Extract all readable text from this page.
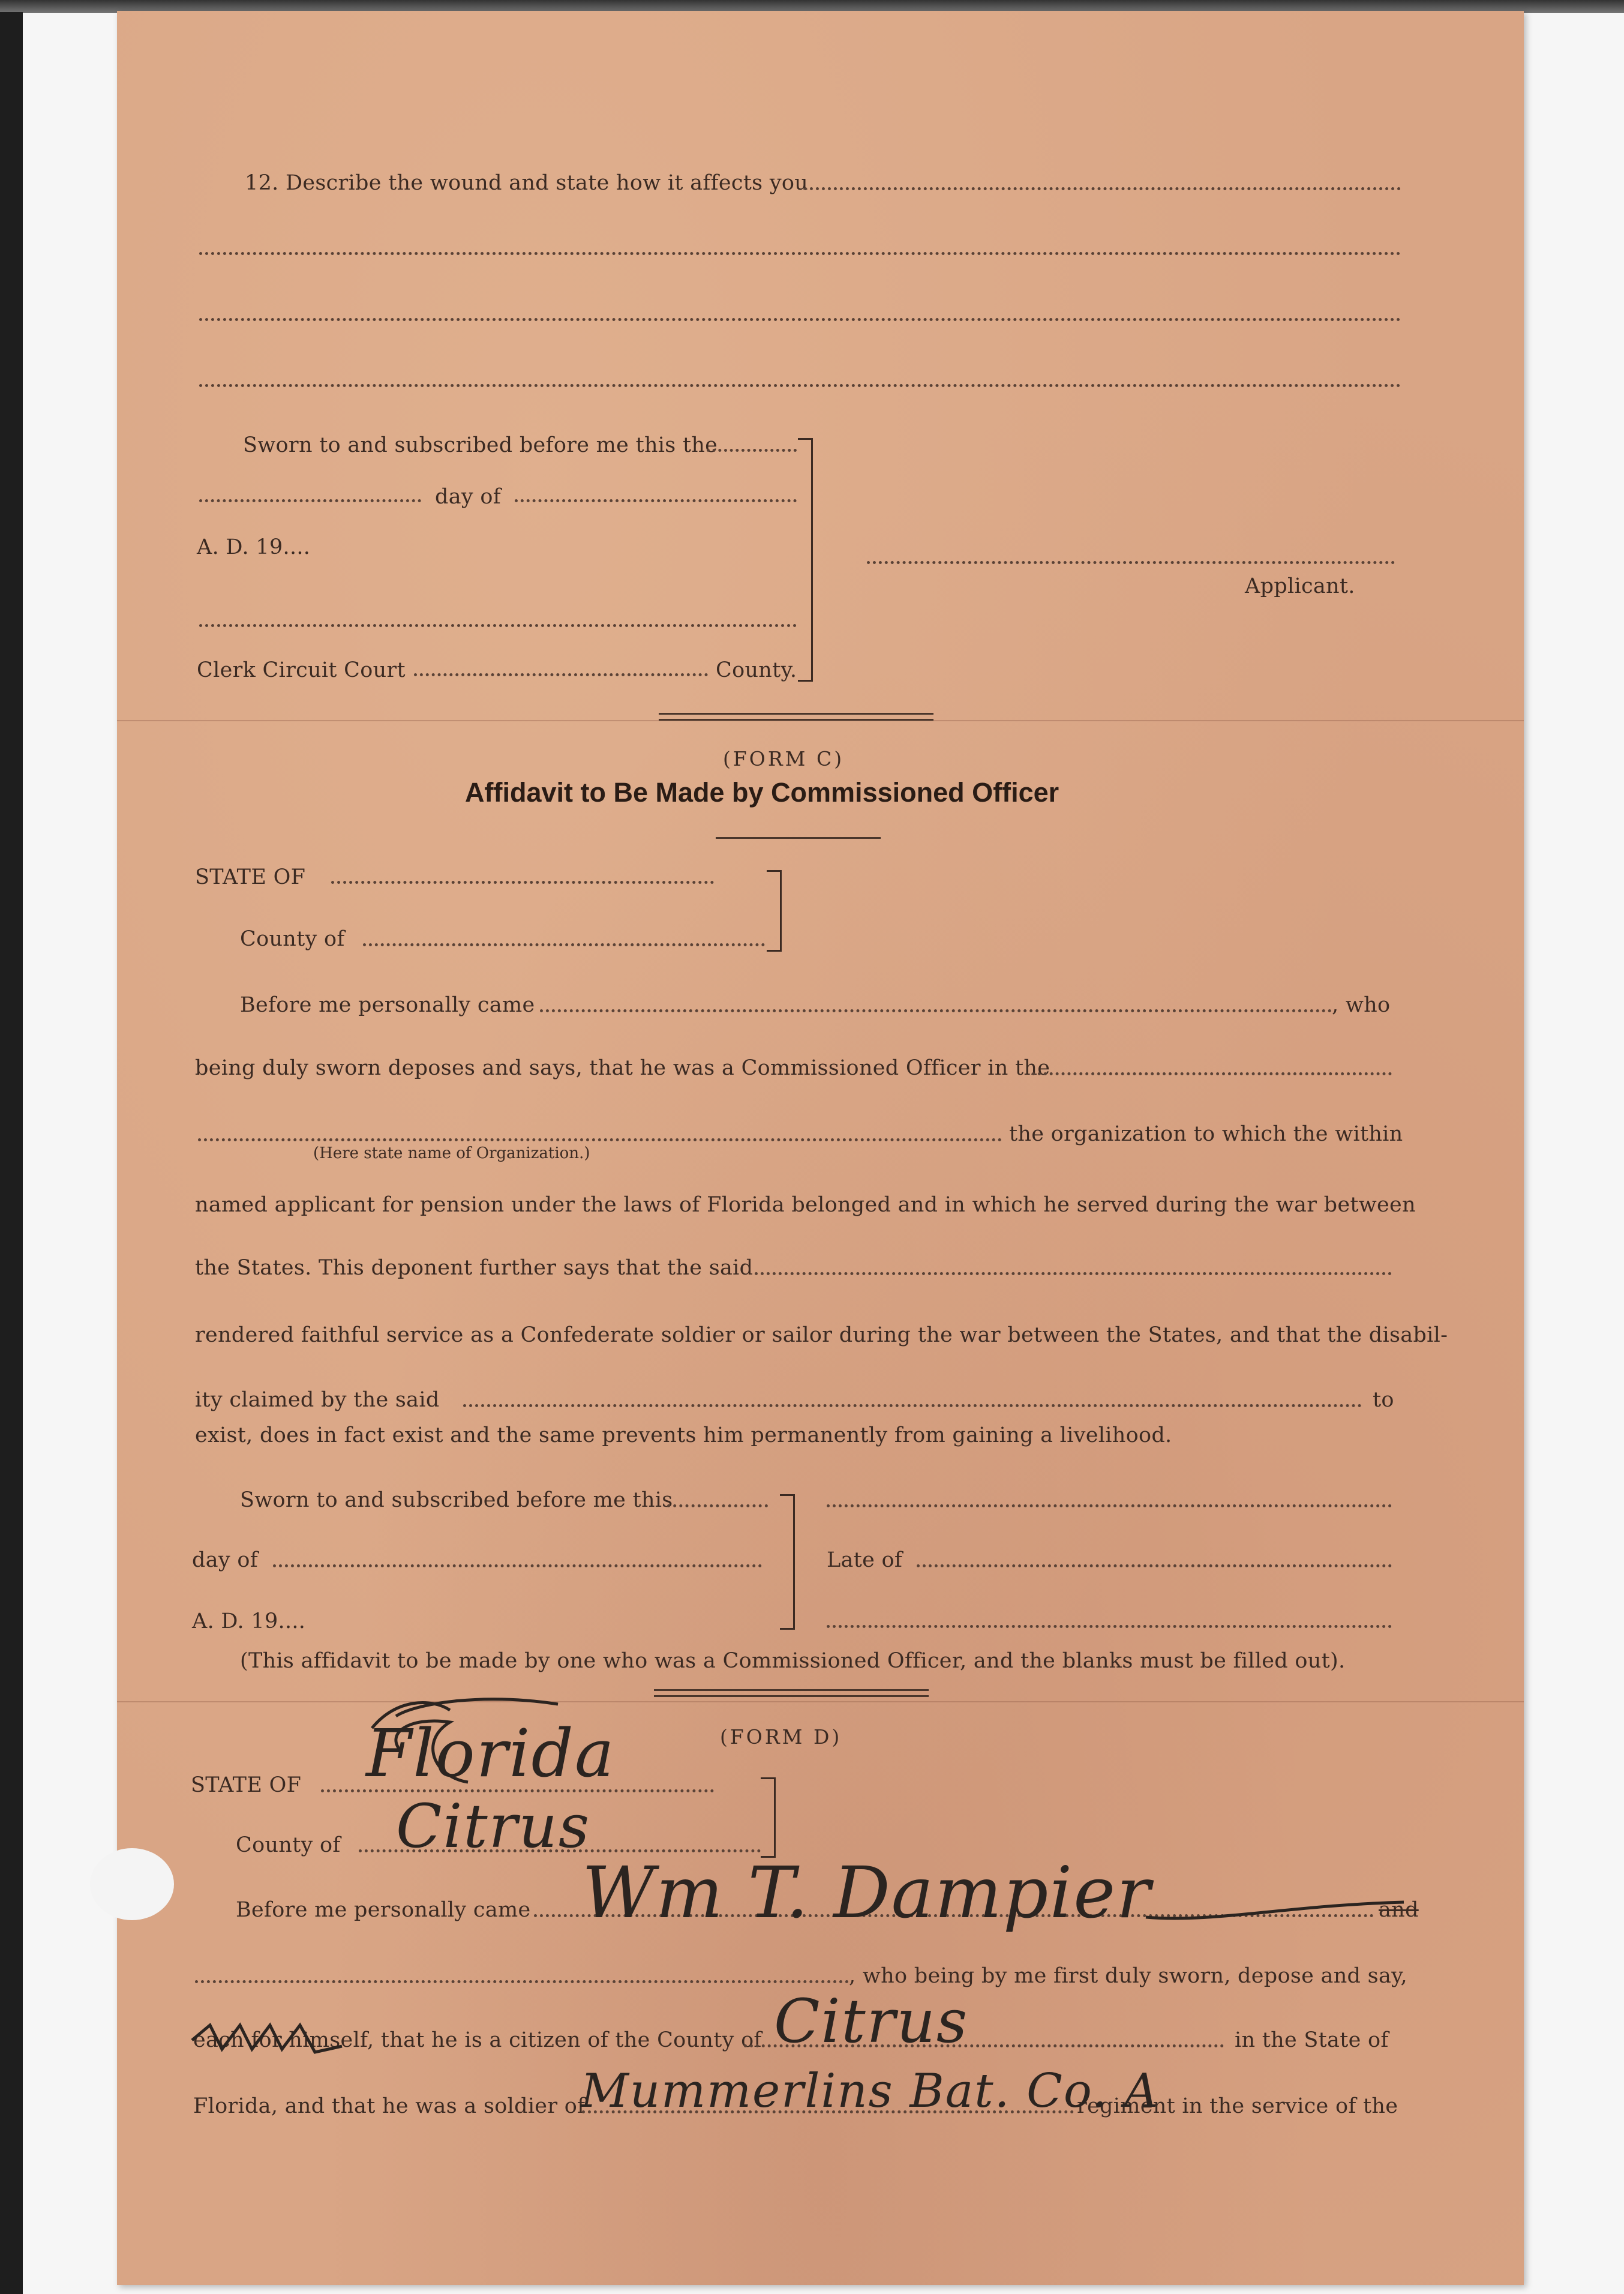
12. Describe the wound and state how it affects you
Sworn to and subscribed before me this the
day of
A. D. 19....
Clerk Circuit Court	County.
Applicant.
(FORM C)
Affidavit to Be Made by Commissioned Officer
STATE OF
County of
Before me personally came	, who
being duly sworn deposes and says, that he was a Commissioned Officer in the
the organization to which the within
(Here state name of Organization.)
named applicant for pension under the laws of Florida belonged and in which he served during the war between
the States. This deponent further says that the said
rendered faithful service as a Confederate soldier or sailor during the war between the States, and that the disabil-
ity claimed by the said	to
exist, does in fact exist and the same prevents him permanently from gaining a livelihood.
Sworn to and subscribed before me this
day of
A. D. 19....
Late of
(This affidavit to be made by one who was a Commissioned Officer, and the blanks must be filled out).
(FORM D)
STATE OF
County of
Before me personally came	and
, who being by me first duly sworn, depose and say,
each for himself, that he is a citizen of the County of	in the State of
Florida, and that he was a soldier of	regiment in the service of the
Florida
Citrus
Wm T. Dampier
Citrus
Mummerlins Bat. Co. A
